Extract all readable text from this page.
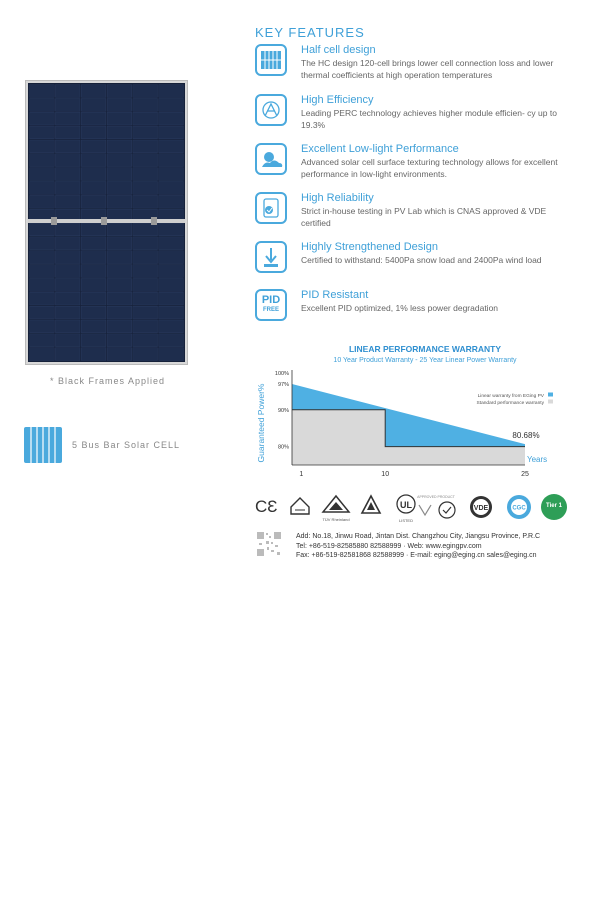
* Black Frames Applied
5 Bus Bar Solar CELL
KEY FEATURES
Half cell design
The HC design 120-cell brings lower cell connection loss and lower thermal coefficients at high operation temperatures
High Efficiency
Leading PERC technology achieves higher module efficien- cy up to 19.3%
Excellent Low-light Performance
Advanced solar cell surface texturing technology allows for excellent performance in low-light environments.
High Reliability
Strict in-house testing in PV Lab which is CNAS approved & VDE certified
Highly Strengthened Design
Certified to withstand: 5400Pa snow load and 2400Pa wind load
PID
FREE
PID Resistant
Excellent PID optimized, 1% less power degradation
LINEAR PERFORMANCE WARRANTY
10 Year Product Warranty - 25 Year Linear Power Warranty
100%
97%
90%
80%
1	10	25
Guaranteed Power%	Years
80.68%
Linear warranty from EGing PV
Standard performance warranty
CƐ
TÜV Rheinland
UL
LISTED
APPROVED PRODUCT
VDE	CGC	Tier 1
Add: No.18, Jinwu Road, Jintan Dist. Changzhou City, Jiangsu Province, P.R.C
Tel: +86-519-82585880 82588999 · Web: www.egingpv.com
Fax: +86-519-82581868 82588999 · E-mail: eging@eging.cn sales@eging.cn
